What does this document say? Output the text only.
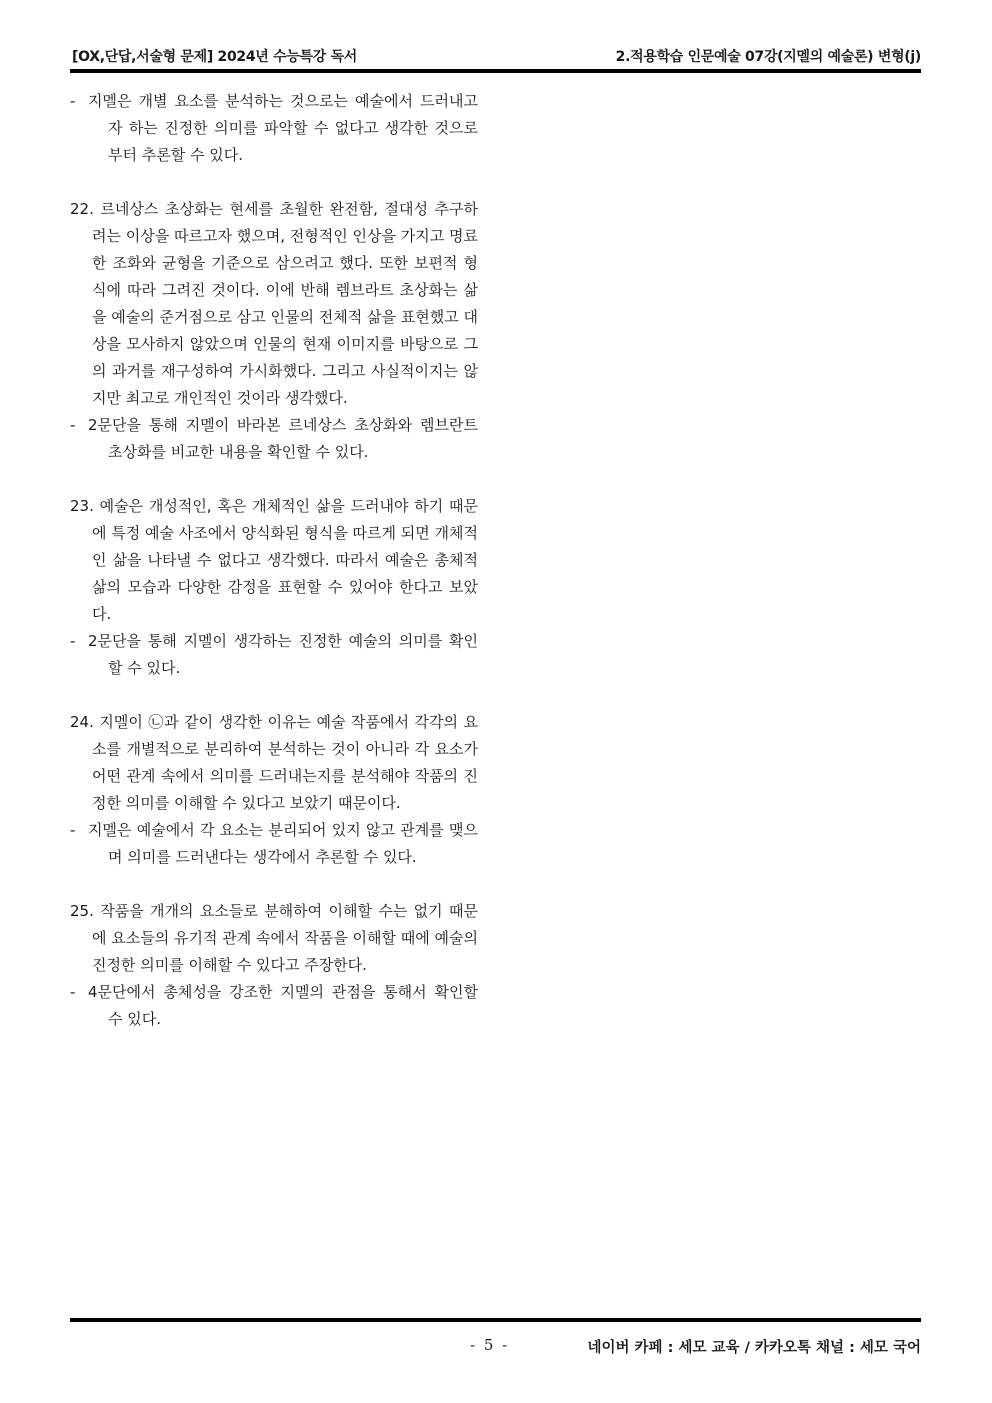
[OX,단답,서술형 문제] 2024년 수능특강 독서	2.적용학습 인문예술 07강(지멜의 예술론) 변형(j)

- 지멜은 개별 요소를 분석하는 것으로는 예술에서 드러내고자 하는 진정한 의미를 파악할 수 없다고 생각한 것으로부터 추론할 수 있다.

22. 르네상스 초상화는 현세를 초월한 완전함, 절대성 추구하려는 이상을 따르고자 했으며, 전형적인 인상을 가지고 명료한 조화와 균형을 기준으로 삼으려고 했다. 또한 보편적 형식에 따라 그려진 것이다. 이에 반해 렘브라트 초상화는 삶을 예술의 준거점으로 삼고 인물의 전체적 삶을 표현했고 대상을 모사하지 않았으며 인물의 현재 이미지를 바탕으로 그의 과거를 재구성하여 가시화했다. 그리고 사실적이지는 않지만 최고로 개인적인 것이라 생각했다.

- 2문단을 통해 지멜이 바라본 르네상스 초상화와 렘브란트 초상화를 비교한 내용을 확인할 수 있다.

23. 예술은 개성적인, 혹은 개체적인 삶을 드러내야 하기 때문에 특정 예술 사조에서 양식화된 형식을 따르게 되면 개체적인 삶을 나타낼 수 없다고 생각했다. 따라서 예술은 총체적 삶의 모습과 다양한 감정을 표현할 수 있어야 한다고 보았다.

- 2문단을 통해 지멜이 생각하는 진정한 예술의 의미를 확인할 수 있다.

24. 지멜이 ㉡과 같이 생각한 이유는 예술 작품에서 각각의 요소를 개별적으로 분리하여 분석하는 것이 아니라 각 요소가 어떤 관계 속에서 의미를 드러내는지를 분석해야 작품의 진정한 의미를 이해할 수 있다고 보았기 때문이다.

- 지멜은 예술에서 각 요소는 분리되어 있지 않고 관계를 맺으며 의미를 드러낸다는 생각에서 추론할 수 있다.

25. 작품을 개개의 요소들로 분해하여 이해할 수는 없기 때문에 요소들의 유기적 관계 속에서 작품을 이해할 때에 예술의 진정한 의미를 이해할 수 있다고 주장한다.

- 4문단에서 총체성을 강조한 지멜의 관점을 통해서 확인할 수 있다.

- 5 -	네이버 카페 : 세모 교육 / 카카오톡 채널 : 세모 국어
